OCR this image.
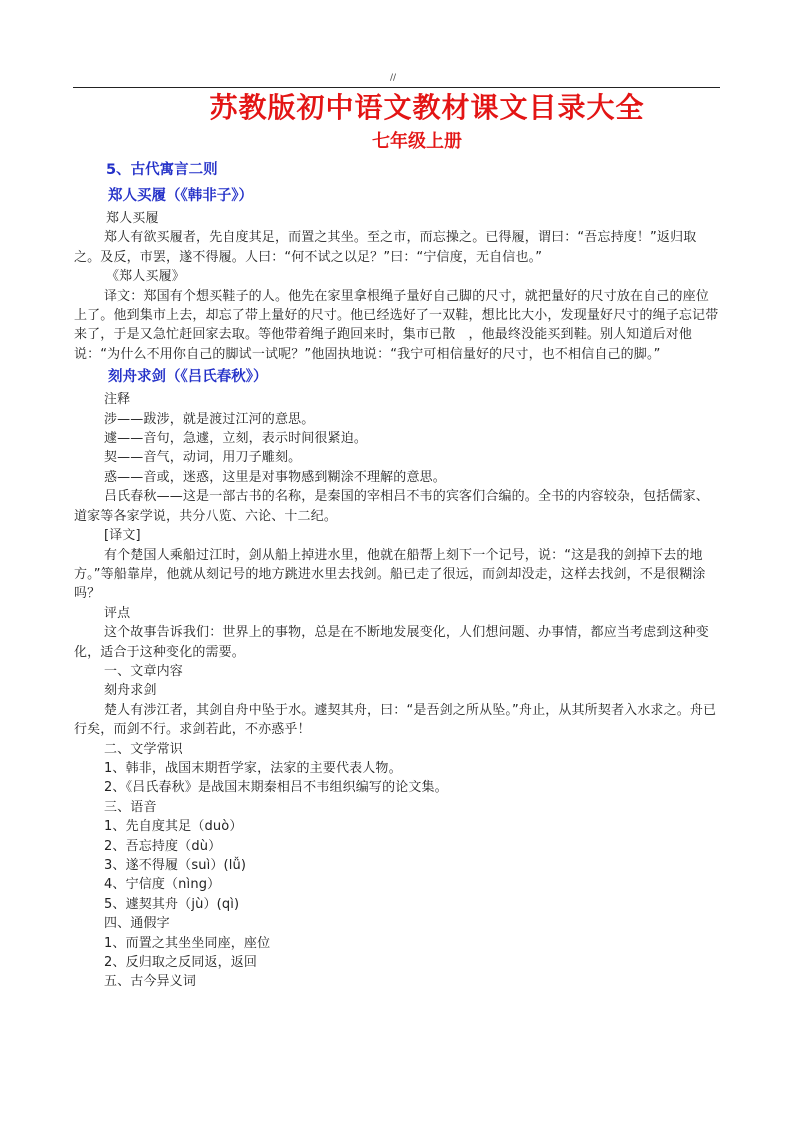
//
苏教版初中语文教材课文目录大全
七年级上册
5、古代寓言二则
郑人买履（《韩非子》）
郑人买履
郑人有欲买履者，先自度其足，而置之其坐。至之市，而忘操之。已得履，谓曰：“吾忘持度！”返归取之。及反，市罢，遂不得履。人曰：“何不试之以足？”曰：“宁信度，无自信也。”
《郑人买履》
译文：郑国有个想买鞋子的人。他先在家里拿根绳子量好自己脚的尺寸，就把量好的尺寸放在自己的座位上了。他到集市上去，却忘了带上量好的尺寸。他已经选好了一双鞋，想比比大小，发现量好尺寸的绳子忘记带来了，于是又急忙赶回家去取。等他带着绳子跑回来时，集市已散　，他最终没能买到鞋。别人知道后对他说：“为什么不用你自己的脚试一试呢？”他固执地说：“我宁可相信量好的尺寸，也不相信自己的脚。”
刻舟求剑（《吕氏春秋》）
注释
涉——跋涉，就是渡过江河的意思。
遽——音句，急遽，立刻，表示时间很紧迫。
契——音气，动词，用刀子雕刻。
惑——音或，迷惑，这里是对事物感到糊涂不理解的意思。
吕氏春秋——这是一部古书的名称，是秦国的宰相吕不韦的宾客们合编的。全书的内容较杂，包括儒家、道家等各家学说，共分八览、六论、十二纪。
[译文]
有个楚国人乘船过江时，剑从船上掉进水里，他就在船帮上刻下一个记号，说：“这是我的剑掉下去的地方。”等船靠岸，他就从刻记号的地方跳进水里去找剑。船已走了很远，而剑却没走，这样去找剑，不是很糊涂吗？
评点
这个故事告诉我们：世界上的事物，总是在不断地发展变化，人们想问题、办事情，都应当考虑到这种变化，适合于这种变化的需要。
一、文章内容
刻舟求剑
楚人有涉江者，其剑自舟中坠于水。遽契其舟，曰：“是吾剑之所从坠。”舟止，从其所契者入水求之。舟已行矣，而剑不行。求剑若此，不亦惑乎！
二、文学常识
1、韩非，战国末期哲学家，法家的主要代表人物。
2、《吕氏春秋》是战国末期秦相吕不韦组织编写的论文集。
三、语音
1、先自度其足（duò）
2、吾忘持度（dù）
3、遂不得履（suì）(lǚ)
4、宁信度（nìng）
5、遽契其舟（jù）(qì)
四、通假字
1、而置之其坐坐同座，座位
2、反归取之反同返，返回
五、古今异义词
